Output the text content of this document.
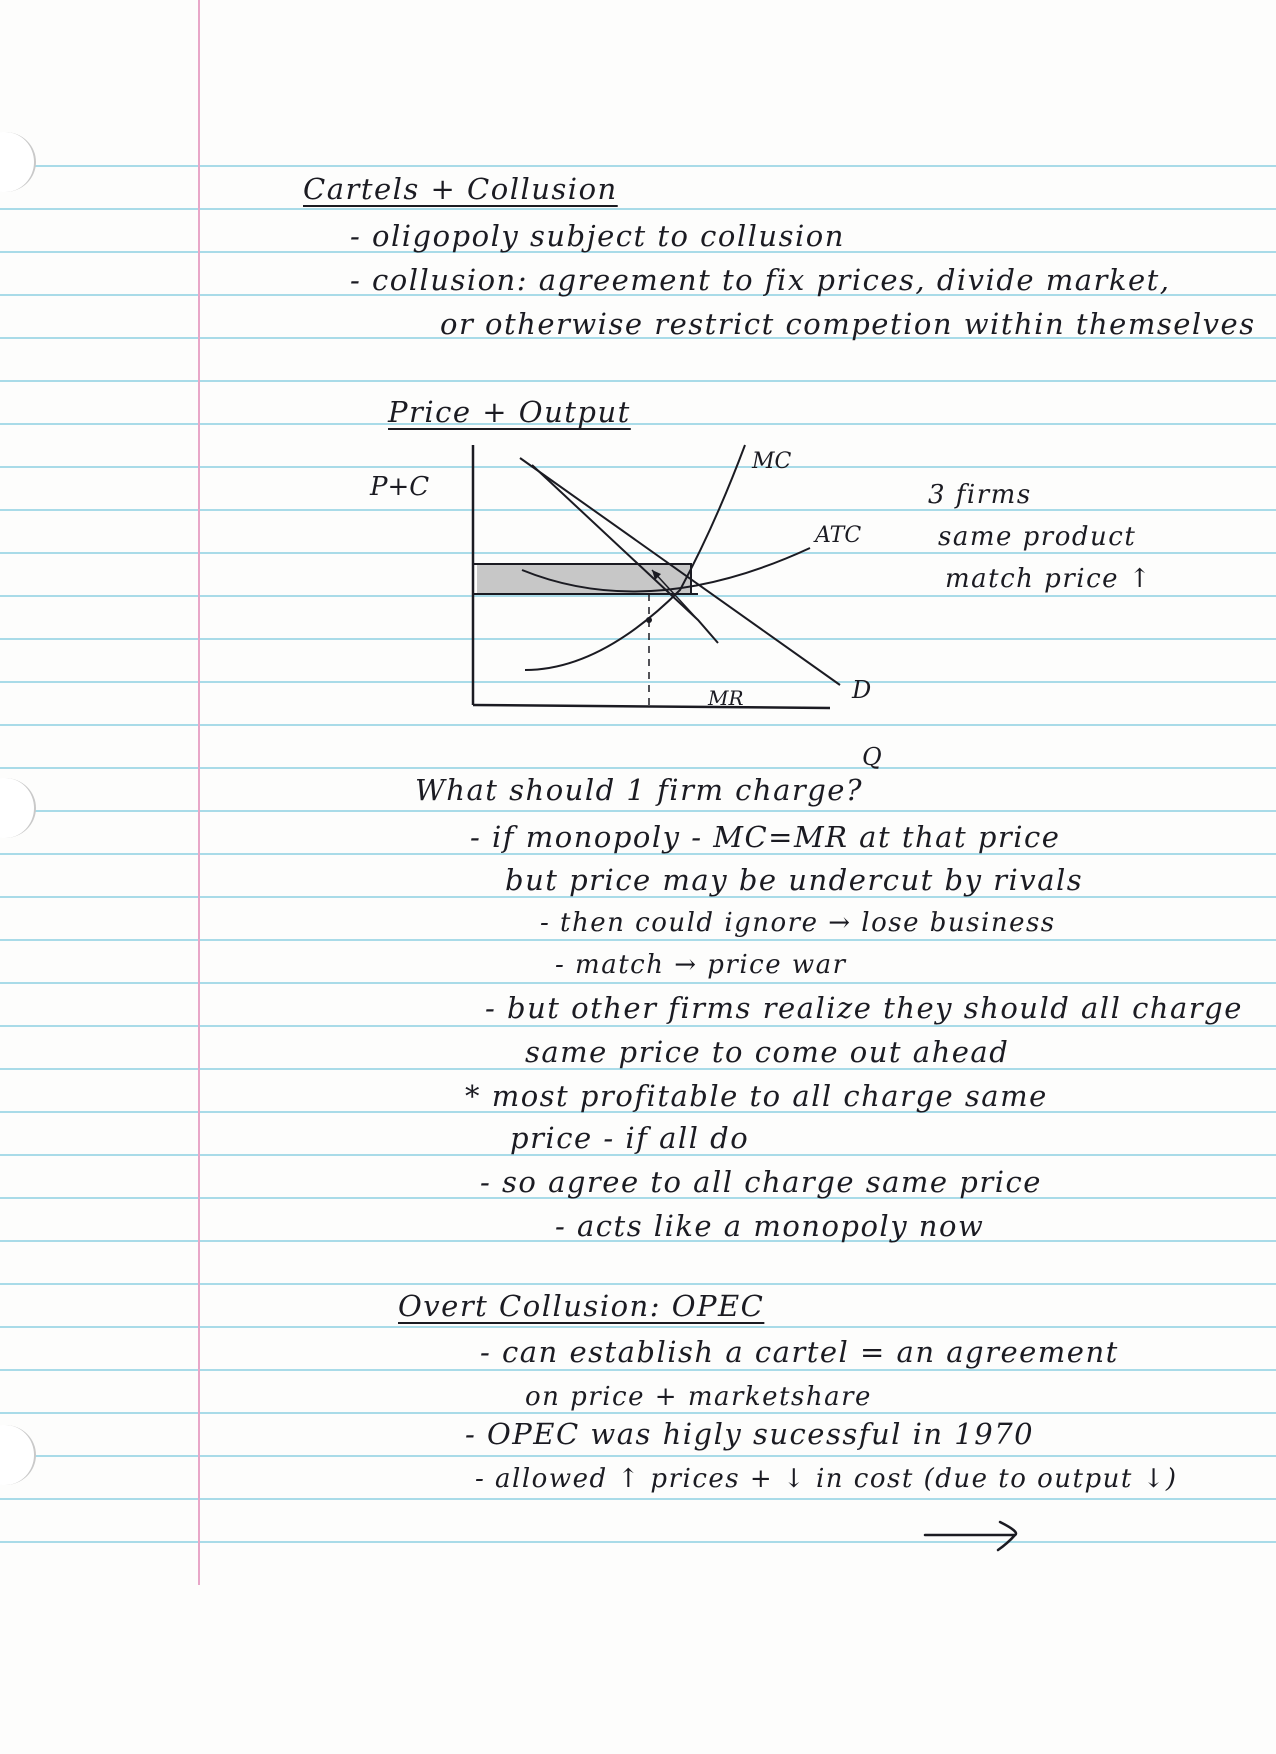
Cartels + Collusion
- oligopoly subject to collusion
- collusion: agreement to fix prices, divide market,
or otherwise restrict competion within themselves
Price + Output
P+C
MC
ATC
MR	D
Q
3 firms
same product
match price ↑
What should 1 firm charge?
- if monopoly - MC=MR at that price
but price may be undercut by rivals
- then could ignore → lose business
- match → price war
- but other firms realize they should all charge
same price to come out ahead
* most profitable to all charge same
price - if all do
- so agree to all charge same price
- acts like a monopoly now
Overt Collusion: OPEC
- can establish a cartel = an agreement
on price + marketshare
- OPEC was higly sucessful in 1970
- allowed ↑ prices + ↓ in cost (due to output ↓)
